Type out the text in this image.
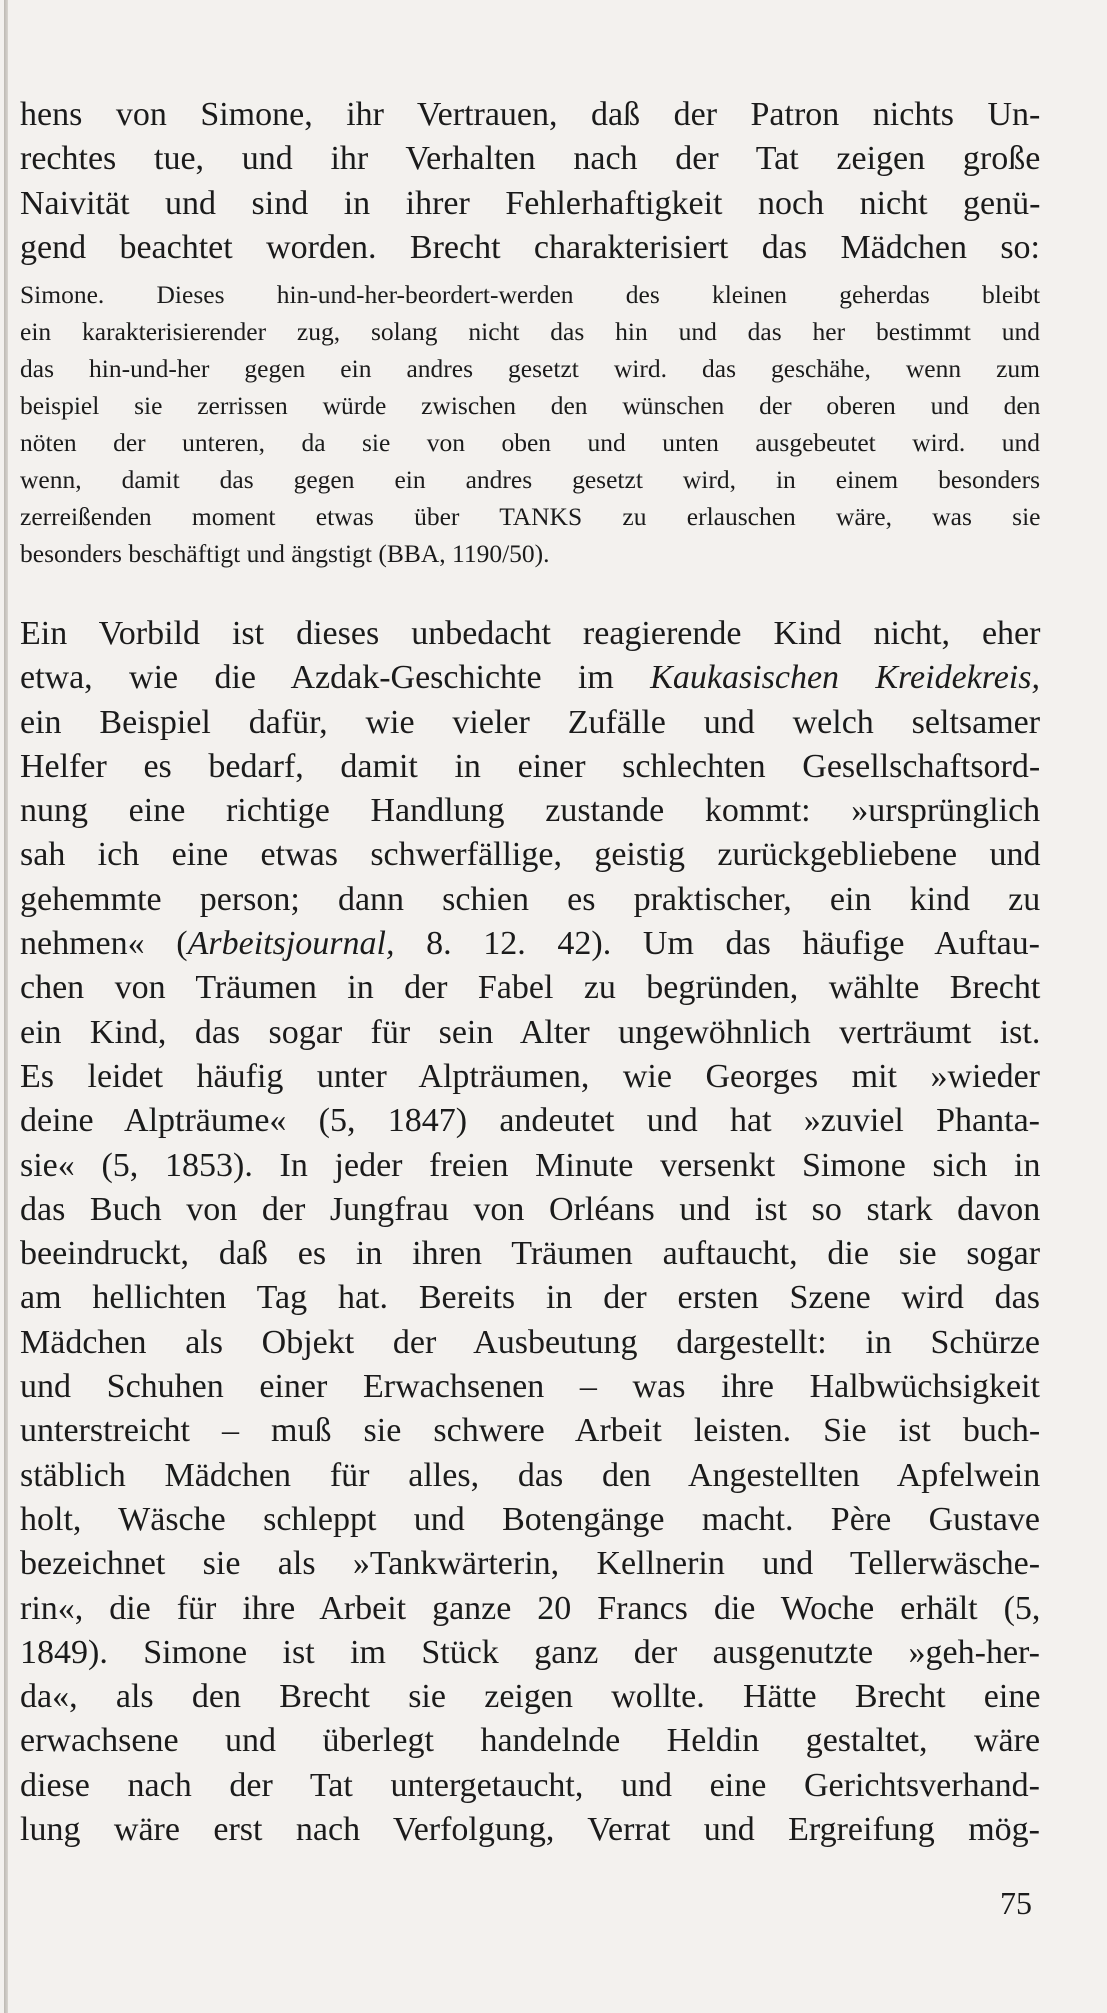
hens von Simone, ihr Vertrauen, daß der Patron nichts Un-
rechtes tue, und ihr Verhalten nach der Tat zeigen große
Naivität und sind in ihrer Fehlerhaftigkeit noch nicht genü-
gend beachtet worden. Brecht charakterisiert das Mädchen so:
Simone. Dieses hin-und-her-beordert-werden des kleinen geherdas bleibt
ein karakterisierender zug, solang nicht das hin und das her bestimmt und
das hin-und-her gegen ein andres gesetzt wird. das geschähe, wenn zum
beispiel sie zerrissen würde zwischen den wünschen der oberen und den
nöten der unteren, da sie von oben und unten ausgebeutet wird. und
wenn, damit das gegen ein andres gesetzt wird, in einem besonders
zerreißenden moment etwas über TANKS zu erlauschen wäre, was sie
besonders beschäftigt und ängstigt (BBA, 1190/50).
Ein Vorbild ist dieses unbedacht reagierende Kind nicht, eher
etwa, wie die Azdak-Geschichte im Kaukasischen Kreidekreis,
ein Beispiel dafür, wie vieler Zufälle und welch seltsamer
Helfer es bedarf, damit in einer schlechten Gesellschaftsord-
nung eine richtige Handlung zustande kommt: »ursprünglich
sah ich eine etwas schwerfällige, geistig zurückgebliebene und
gehemmte person; dann schien es praktischer, ein kind zu
nehmen« (Arbeitsjournal, 8. 12. 42). Um das häufige Auftau-
chen von Träumen in der Fabel zu begründen, wählte Brecht
ein Kind, das sogar für sein Alter ungewöhnlich verträumt ist.
Es leidet häufig unter Alpträumen, wie Georges mit »wieder
deine Alpträume« (5, 1847) andeutet und hat »zuviel Phanta-
sie« (5, 1853). In jeder freien Minute versenkt Simone sich in
das Buch von der Jungfrau von Orléans und ist so stark davon
beeindruckt, daß es in ihren Träumen auftaucht, die sie sogar
am hellichten Tag hat. Bereits in der ersten Szene wird das
Mädchen als Objekt der Ausbeutung dargestellt: in Schürze
und Schuhen einer Erwachsenen – was ihre Halbwüchsigkeit
unterstreicht – muß sie schwere Arbeit leisten. Sie ist buch-
stäblich Mädchen für alles, das den Angestellten Apfelwein
holt, Wäsche schleppt und Botengänge macht. Père Gustave
bezeichnet sie als »Tankwärterin, Kellnerin und Tellerwäsche-
rin«, die für ihre Arbeit ganze 20 Francs die Woche erhält (5,
1849). Simone ist im Stück ganz der ausgenutzte »geh-her-
da«, als den Brecht sie zeigen wollte. Hätte Brecht eine
erwachsene und überlegt handelnde Heldin gestaltet, wäre
diese nach der Tat untergetaucht, und eine Gerichtsverhand-
lung wäre erst nach Verfolgung, Verrat und Ergreifung mög-
75
